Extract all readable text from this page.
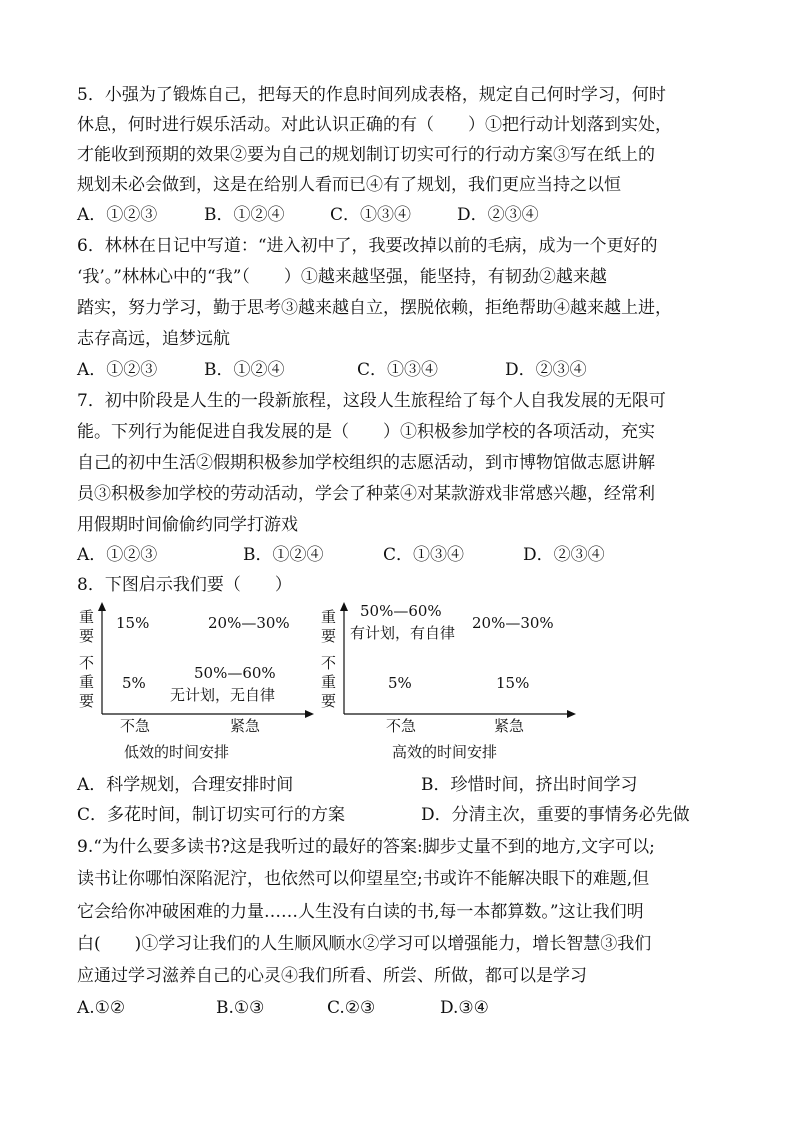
5．小强为了锻炼自己，把每天的作息时间列成表格，规定自己何时学习，何时
休息，何时进行娱乐活动。对此认识正确的有（　　）①把行动计划落到实处，
才能收到预期的效果②要为自己的规划制订切实可行的行动方案③写在纸上的
规划未必会做到，这是在给别人看而已④有了规划，我们更应当持之以恒
A．①②③	B．①②④	C．①③④	D．②③④
6．林林在日记中写道：“进入初中了，我要改掉以前的毛病，成为一个更好的
‘我’。”林林心中的“我”（　　）①越来越坚强，能坚持，有韧劲②越来越
踏实，努力学习，勤于思考③越来越自立，摆脱依赖，拒绝帮助④越来越上进，
志存高远，追梦远航
A．①②③	B．①②④	C．①③④	D．②③④
7．初中阶段是人生的一段新旅程，这段人生旅程给了每个人自我发展的无限可
能。下列行为能促进自我发展的是（　　）①积极参加学校的各项活动，充实
自己的初中生活②假期积极参加学校组织的志愿活动，到市博物馆做志愿讲解
员③积极参加学校的劳动活动，学会了种菜④对某款游戏非常感兴趣，经常利
用假期时间偷偷约同学打游戏
A．①②③	B．①②④	C．①③④	D．②③④
8．下图启示我们要（　　）
重要
不重要
15%	20%—30%
5%
50%—60%
无计划，无自律
不急	紧急
低效的时间安排
重要
不重要
50%—60%
有计划，有自律
20%—30%
5%	15%
不急	紧急
高效的时间安排
A．科学规划，合理安排时间	B．珍惜时间，挤出时间学习
C．多花时间，制订切实可行的方案	D．分清主次，重要的事情务必先做
9.“为什么要多读书?这是我听过的最好的答案:脚步丈量不到的地方,文字可以;
读书让你哪怕深陷泥泞，也依然可以仰望星空;书或许不能解决眼下的难题,但
它会给你冲破困难的力量……人生没有白读的书,每一本都算数。”这让我们明
白(　　)①学习让我们的人生顺风顺水②学习可以增强能力，增长智慧③我们
应通过学习滋养自己的心灵④我们所看、所尝、所做，都可以是学习
A.①②	B.①③	C.②③	D.③④
